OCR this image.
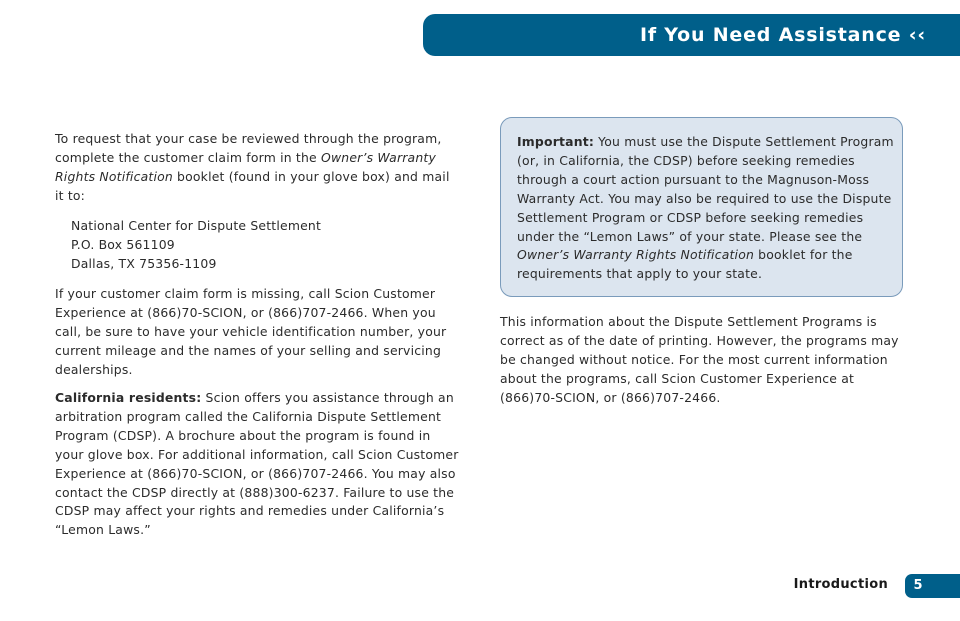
If You Need Assistance ‹‹
To request that your case be reviewed through the program,
complete the customer claim form in the Owner’s Warranty
Rights Notification booklet (found in your glove box) and mail
it to:
National Center for Dispute Settlement
P.O. Box 561109
Dallas, TX 75356-1109
If your customer claim form is missing, call Scion Customer
Experience at (866)70-SCION, or (866)707-2466. When you
call, be sure to have your vehicle identification number, your
current mileage and the names of your selling and servicing
dealerships.
California residents: Scion offers you assistance through an
arbitration program called the California Dispute Settlement
Program (CDSP). A brochure about the program is found in
your glove box. For additional information, call Scion Customer
Experience at (866)70-SCION, or (866)707-2466. You may also
contact the CDSP directly at (888)300-6237. Failure to use the
CDSP may affect your rights and remedies under California’s
“Lemon Laws.”
Important: You must use the Dispute Settlement Program
(or, in California, the CDSP) before seeking remedies
through a court action pursuant to the Magnuson-Moss
Warranty Act. You may also be required to use the Dispute
Settlement Program or CDSP before seeking remedies
under the “Lemon Laws” of your state. Please see the
Owner’s Warranty Rights Notification booklet for the
requirements that apply to your state.
This information about the Dispute Settlement Programs is
correct as of the date of printing. However, the programs may
be changed without notice. For the most current information
about the programs, call Scion Customer Experience at
(866)70-SCION, or (866)707-2466.
Introduction	5
